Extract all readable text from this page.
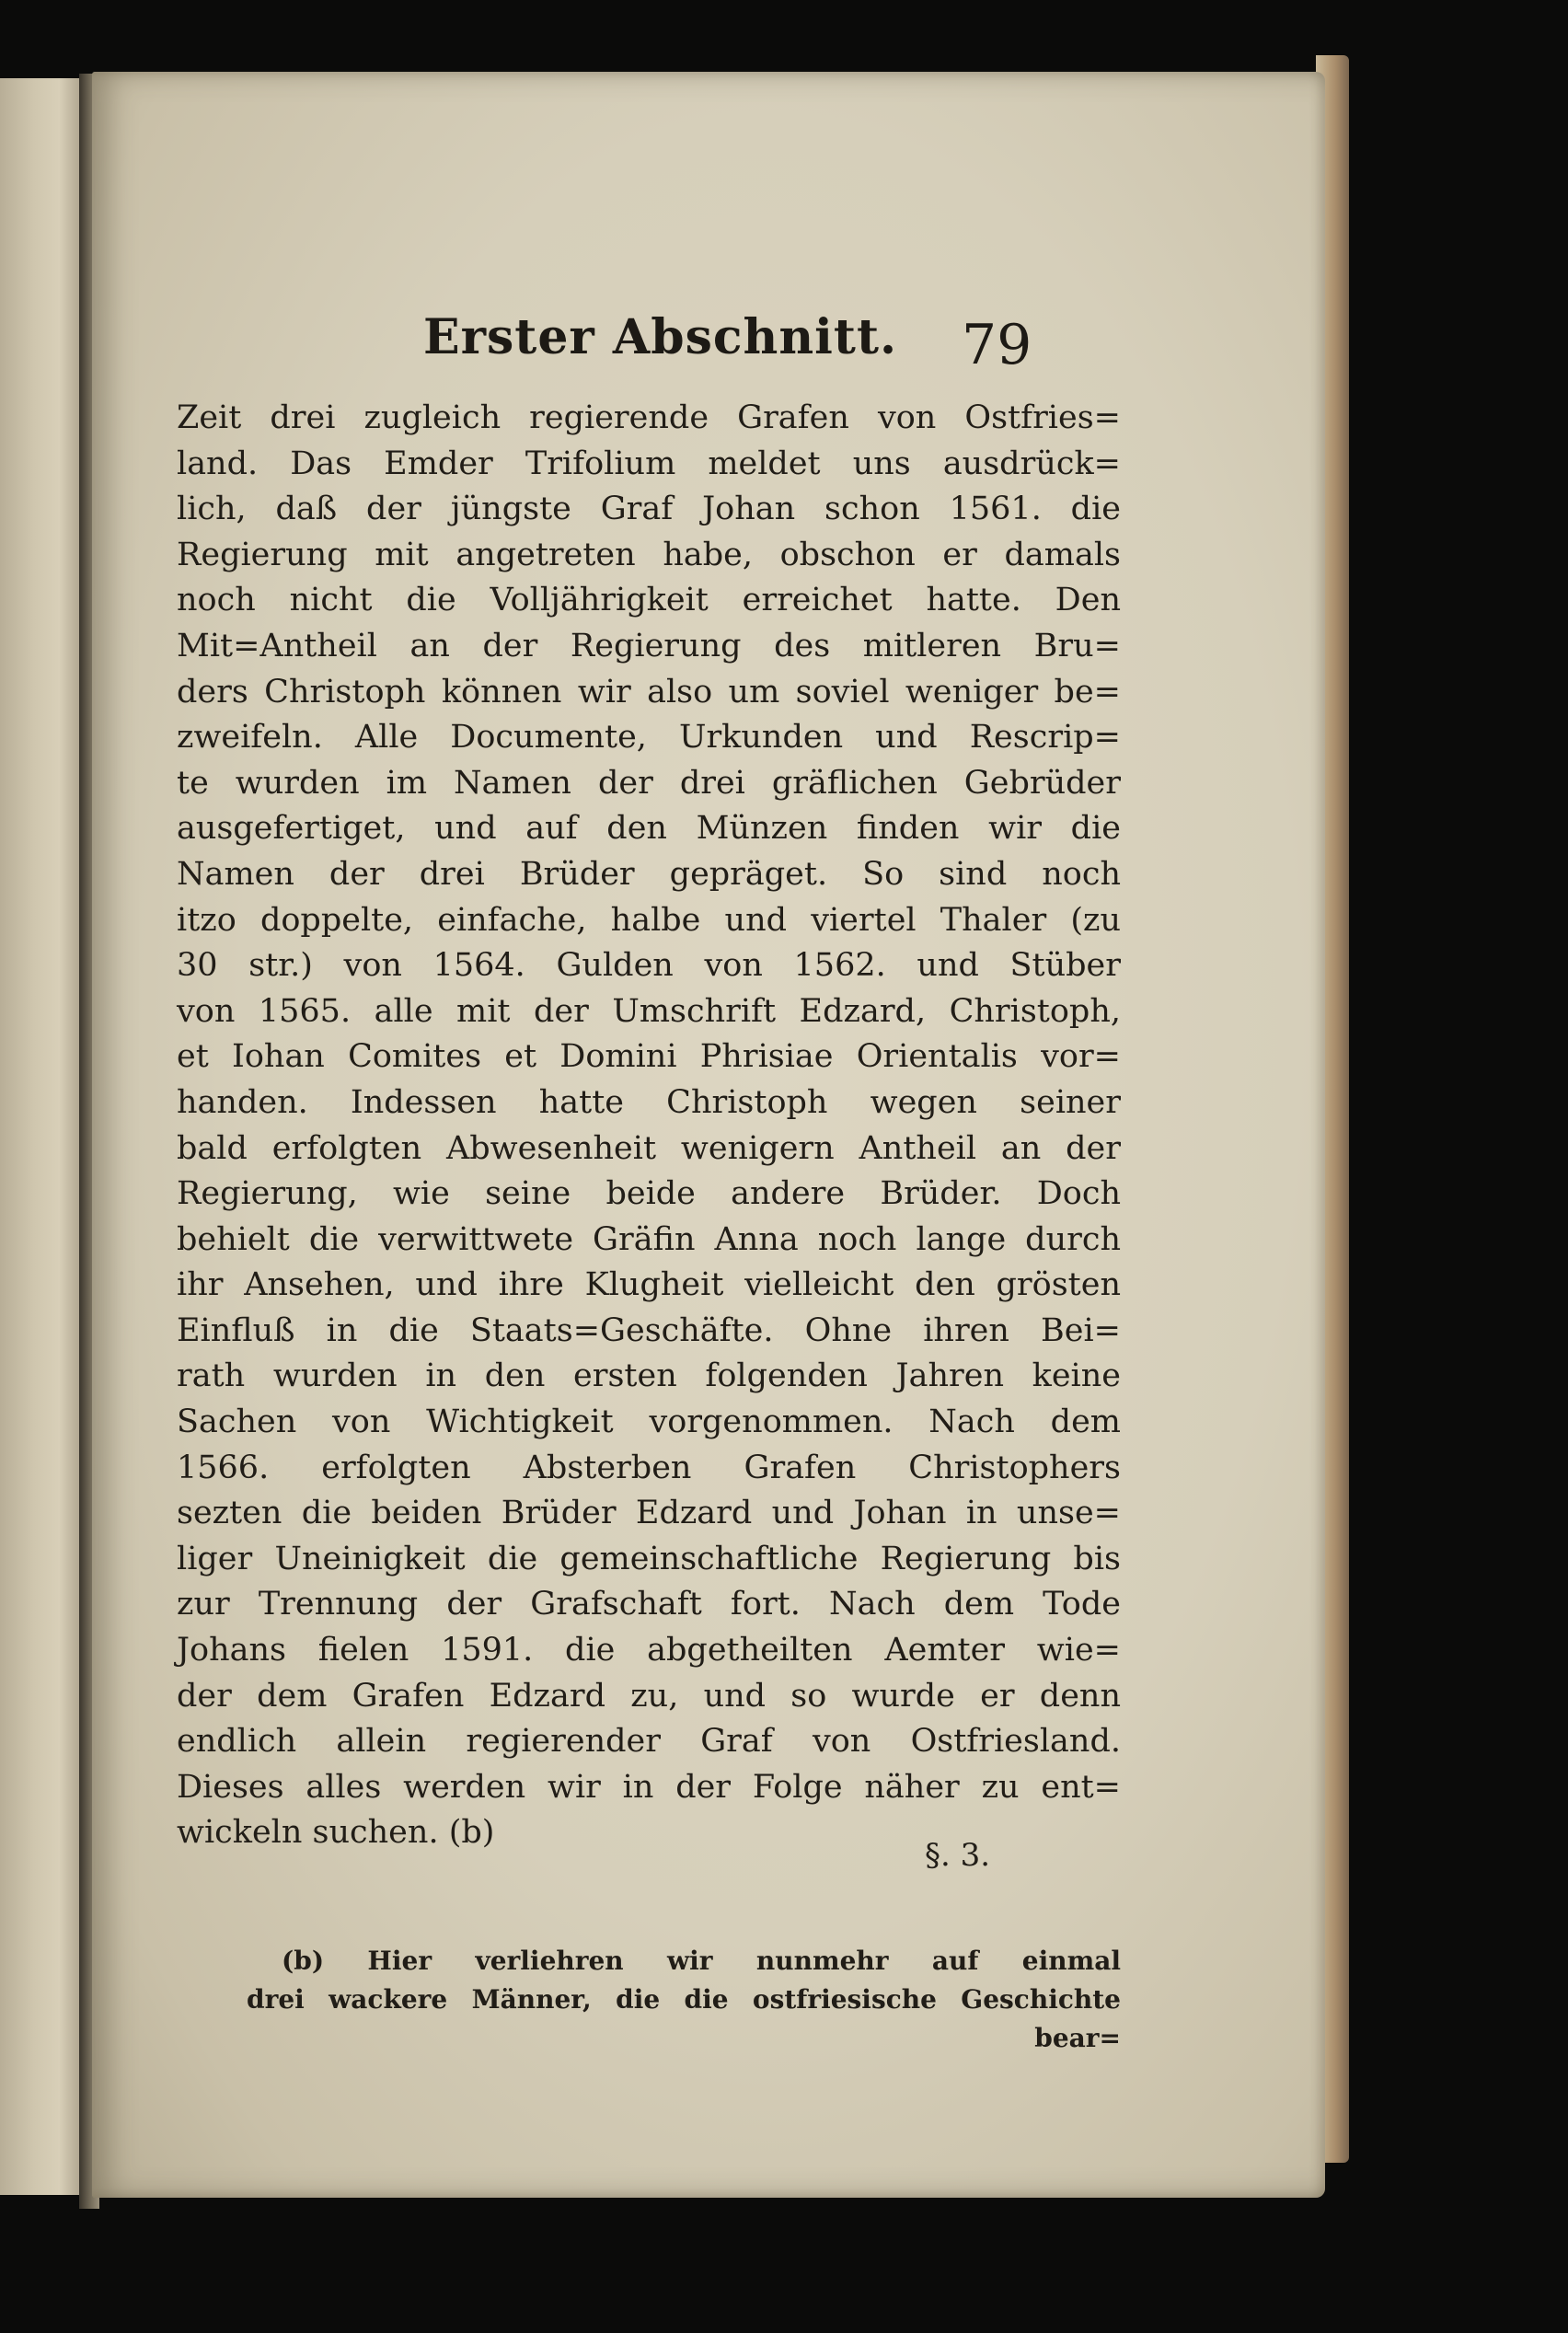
Erster Abschnitt. 79
Zeit drei zugleich regierende Grafen von Ostfries=
land. Das Emder Trifolium meldet uns ausdrück=
lich, daß der jüngste Graf Johan schon 1561. die
Regierung mit angetreten habe, obschon er damals
noch nicht die Volljährigkeit erreichet hatte. Den
Mit=Antheil an der Regierung des mitleren Bru=
ders Christoph können wir also um soviel weniger be=
zweifeln. Alle Documente, Urkunden und Rescrip=
te wurden im Namen der drei gräflichen Gebrüder
ausgefertiget, und auf den Münzen finden wir die
Namen der drei Brüder gepräget. So sind noch
itzo doppelte, einfache, halbe und viertel Thaler (zu
30 str.) von 1564. Gulden von 1562. und Stüber
von 1565. alle mit der Umschrift Edzard, Christoph,
et Iohan Comites et Domini Phrisiae Orientalis vor=
handen. Indessen hatte Christoph wegen seiner
bald erfolgten Abwesenheit wenigern Antheil an der
Regierung, wie seine beide andere Brüder. Doch
behielt die verwittwete Gräfin Anna noch lange durch
ihr Ansehen, und ihre Klugheit vielleicht den grösten
Einfluß in die Staats=Geschäfte. Ohne ihren Bei=
rath wurden in den ersten folgenden Jahren keine
Sachen von Wichtigkeit vorgenommen. Nach dem
1566. erfolgten Absterben Grafen Christophers
sezten die beiden Brüder Edzard und Johan in unse=
liger Uneinigkeit die gemeinschaftliche Regierung bis
zur Trennung der Grafschaft fort. Nach dem Tode
Johans fielen 1591. die abgetheilten Aemter wie=
der dem Grafen Edzard zu, und so wurde er denn
endlich allein regierender Graf von Ostfriesland.
Dieses alles werden wir in der Folge näher zu ent=
wickeln suchen. (b)
§. 3.
(b) Hier verliehren wir nunmehr auf einmal
drei wackere Männer, die die ostfriesische Geschichte
bear=
